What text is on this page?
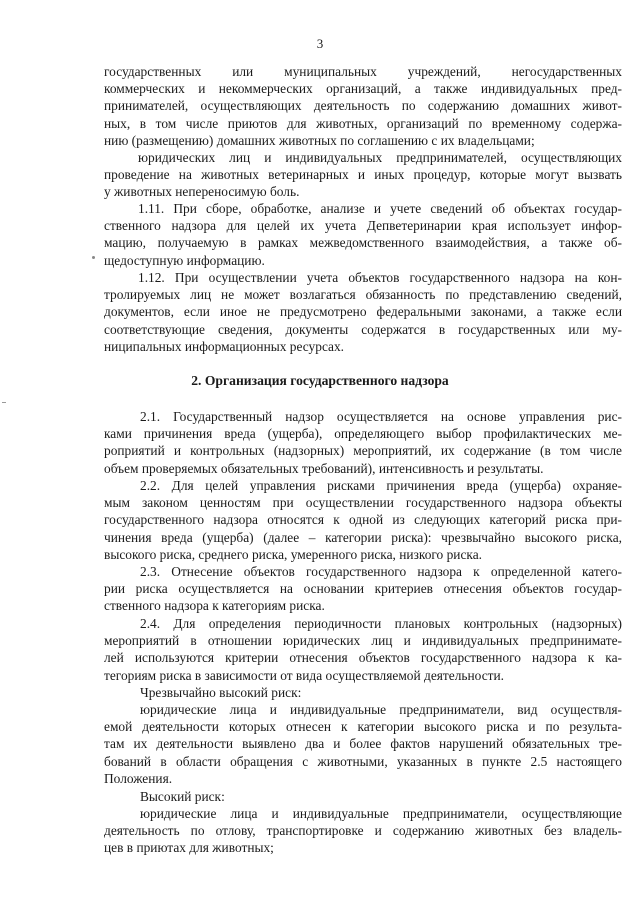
3
государственных или муниципальных учреждений, негосударственных
коммерческих и некоммерческих организаций, а также индивидуальных пред-
принимателей, осуществляющих деятельность по содержанию домашних живот-
ных, в том числе приютов для животных, организаций по временному содержа-
нию (размещению) домашних животных по соглашению с их владельцами;
юридических лиц и индивидуальных предпринимателей, осуществляющих
проведение на животных ветеринарных и иных процедур, которые могут вызвать
у животных непереносимую боль.
1.11. При сборе, обработке, анализе и учете сведений об объектах государ-
ственного надзора для целей их учета Депветеринарии края использует инфор-
мацию, получаемую в рамках межведомственного взаимодействия, а также об-
щедоступную информацию.
1.12. При осуществлении учета объектов государственного надзора на кон-
тролируемых лиц не может возлагаться обязанность по представлению сведений,
документов, если иное не предусмотрено федеральными законами, а также если
соответствующие сведения, документы содержатся в государственных или му-
ниципальных информационных ресурсах.
2. Организация государственного надзора
2.1. Государственный надзор осуществляется на основе управления рис-
ками причинения вреда (ущерба), определяющего выбор профилактических ме-
роприятий и контрольных (надзорных) мероприятий, их содержание (в том числе
объем проверяемых обязательных требований), интенсивность и результаты.
2.2. Для целей управления рисками причинения вреда (ущерба) охраняе-
мым законом ценностям при осуществлении государственного надзора объекты
государственного надзора относятся к одной из следующих категорий риска при-
чинения вреда (ущерба) (далее – категории риска): чрезвычайно высокого риска,
высокого риска, среднего риска, умеренного риска, низкого риска.
2.3. Отнесение объектов государственного надзора к определенной катего-
рии риска осуществляется на основании критериев отнесения объектов государ-
ственного надзора к категориям риска.
2.4. Для определения периодичности плановых контрольных (надзорных)
мероприятий в отношении юридических лиц и индивидуальных предпринимате-
лей используются критерии отнесения объектов государственного надзора к ка-
тегориям риска в зависимости от вида осуществляемой деятельности.
Чрезвычайно высокий риск:
юридические лица и индивидуальные предприниматели, вид осуществля-
емой деятельности которых отнесен к категории высокого риска и по результа-
там их деятельности выявлено два и более фактов нарушений обязательных тре-
бований в области обращения с животными, указанных в пункте 2.5 настоящего
Положения.
Высокий риск:
юридические лица и индивидуальные предприниматели, осуществляющие
деятельность по отлову, транспортировке и содержанию животных без владель-
цев в приютах для животных;
